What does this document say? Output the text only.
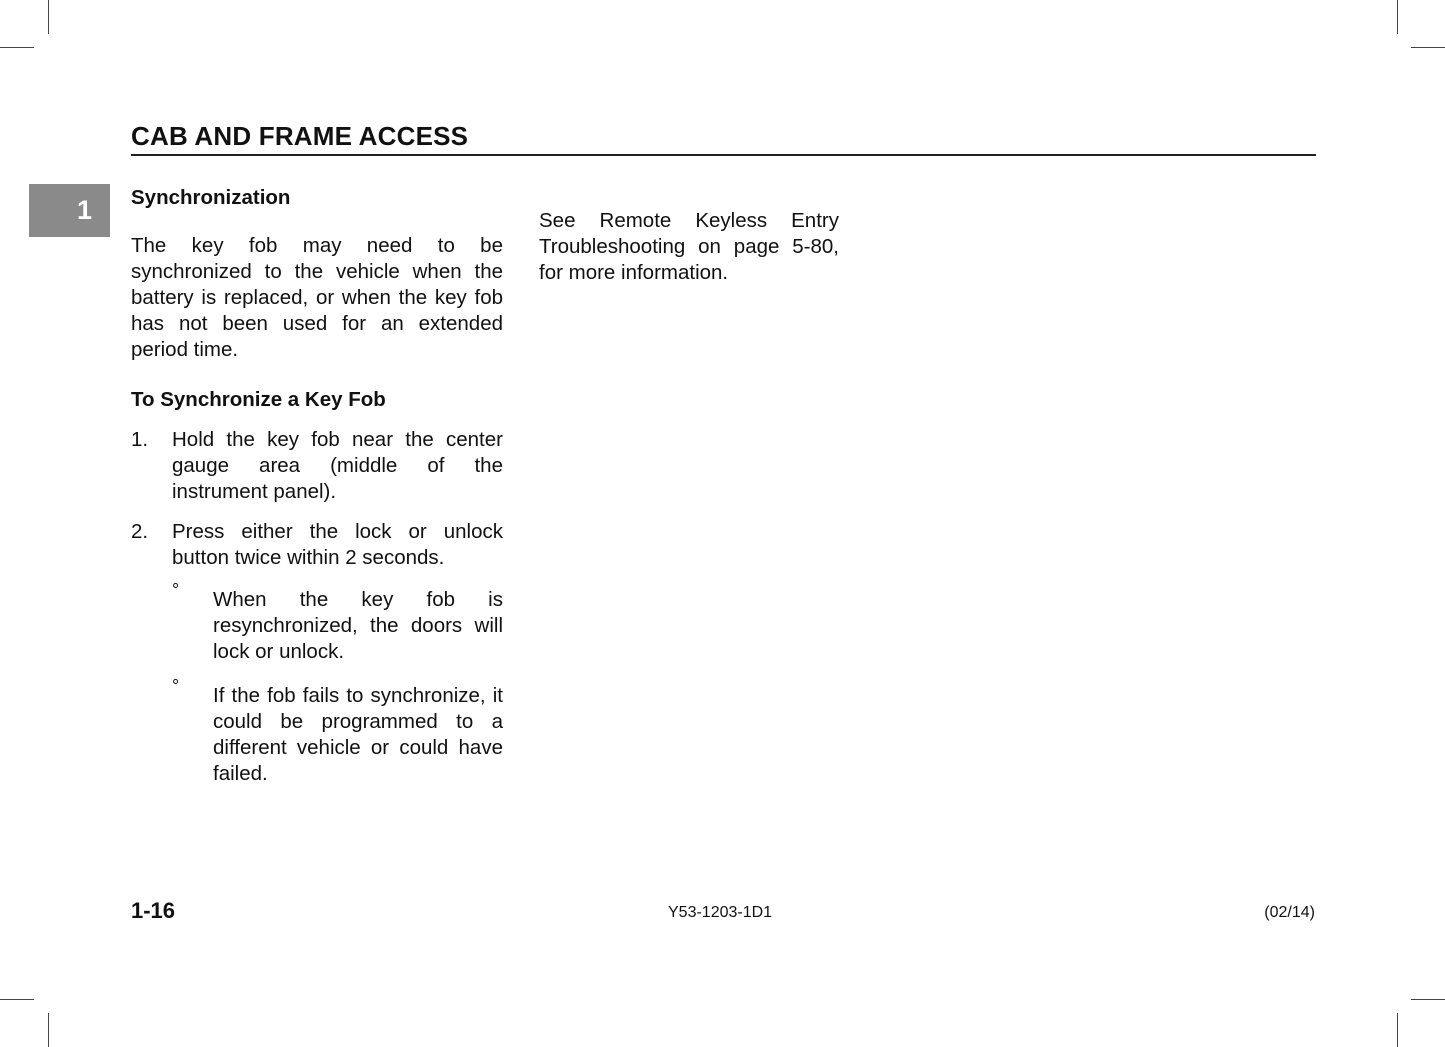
CAB AND FRAME ACCESS
1 Synchronization

The key fob may need to be synchronized to the vehicle when the battery is replaced, or when the key fob has not been used for an extended period time.

To Synchronize a Key Fob

1.	Hold the key fob near the center gauge area (middle of the instrument panel).
2.	Press either the lock or unlock button twice within 2 seconds.
°	When the key fob is resynchronized, the doors will lock or unlock.
°	If the fob fails to synchronize, it could be programmed to a different vehicle or could have failed.

See Remote Keyless Entry Troubleshooting on page 5-80, for more information.

1-16	Y53-1203-1D1	(02/14)
